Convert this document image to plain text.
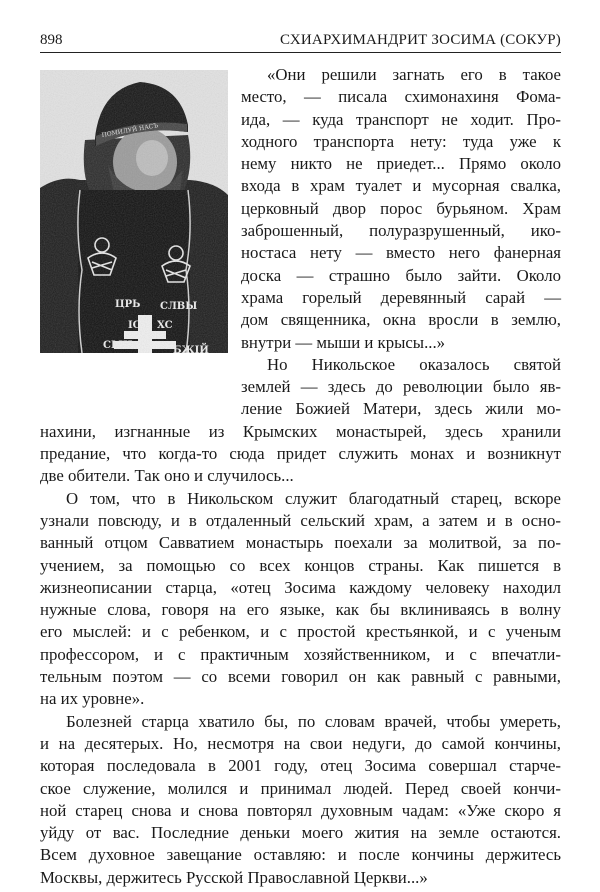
898	СХИАРХИМАНДРИТ ЗОСИМА (СОКУР)
«Они решили загнать его в такое
место, — писала схимонахиня Фома-
ида, — куда транспорт не ходит. Про-
ходного транспорта нету: туда уже к
нему никто не приедет... Прямо около
входа в храм туалет и мусорная свалка,
церковный двор порос бурьяном. Храм
заброшенный, полуразрушенный, ико-
ностаса нету — вместо него фанерная
доска — страшно было зайти. Около
храма горелый деревянный сарай —
дом священника, окна вросли в землю,
внутри — мыши и крысы...»
Но Никольское оказалось святой
землей — здесь до революции было яв-
ление Божией Матери, здесь жили мо-
нахини, изгнанные из Крымских монастырей, здесь хранили
предание, что когда-то сюда придет служить монах и возникнут
две обители. Так оно и случилось...
О том, что в Никольском служит благодатный старец, вскоре
узнали повсюду, и в отдаленный сельский храм, а затем и в осно-
ванный отцом Савватием монастырь поехали за молитвой, за по-
учением, за помощью со всех концов страны. Как пишется в
жизнеописании старца, «отец Зосима каждому человеку находил
нужные слова, говоря на его языке, как бы вклиниваясь в волну
его мыслей: и с ребенком, и с простой крестьянкой, и с ученым
профессором, и с практичным хозяйственником, и с впечатли-
тельным поэтом — со всеми говорил он как равный с равными,
на их уровне».
Болезней старца хватило бы, по словам врачей, чтобы умереть,
и на десятерых. Но, несмотря на свои недуги, до самой кончины,
которая последовала в 2001 году, отец Зосима совершал старче-
ское служение, молился и принимал людей. Перед своей кончи-
ной старец снова и снова повторял духовным чадам: «Уже скоро я
уйду от вас. Последние деньки моего жития на земле остаются.
Всем духовное завещание оставляю: и после кончины держитесь
Москвы, держитесь Русской Православной Церкви...»
